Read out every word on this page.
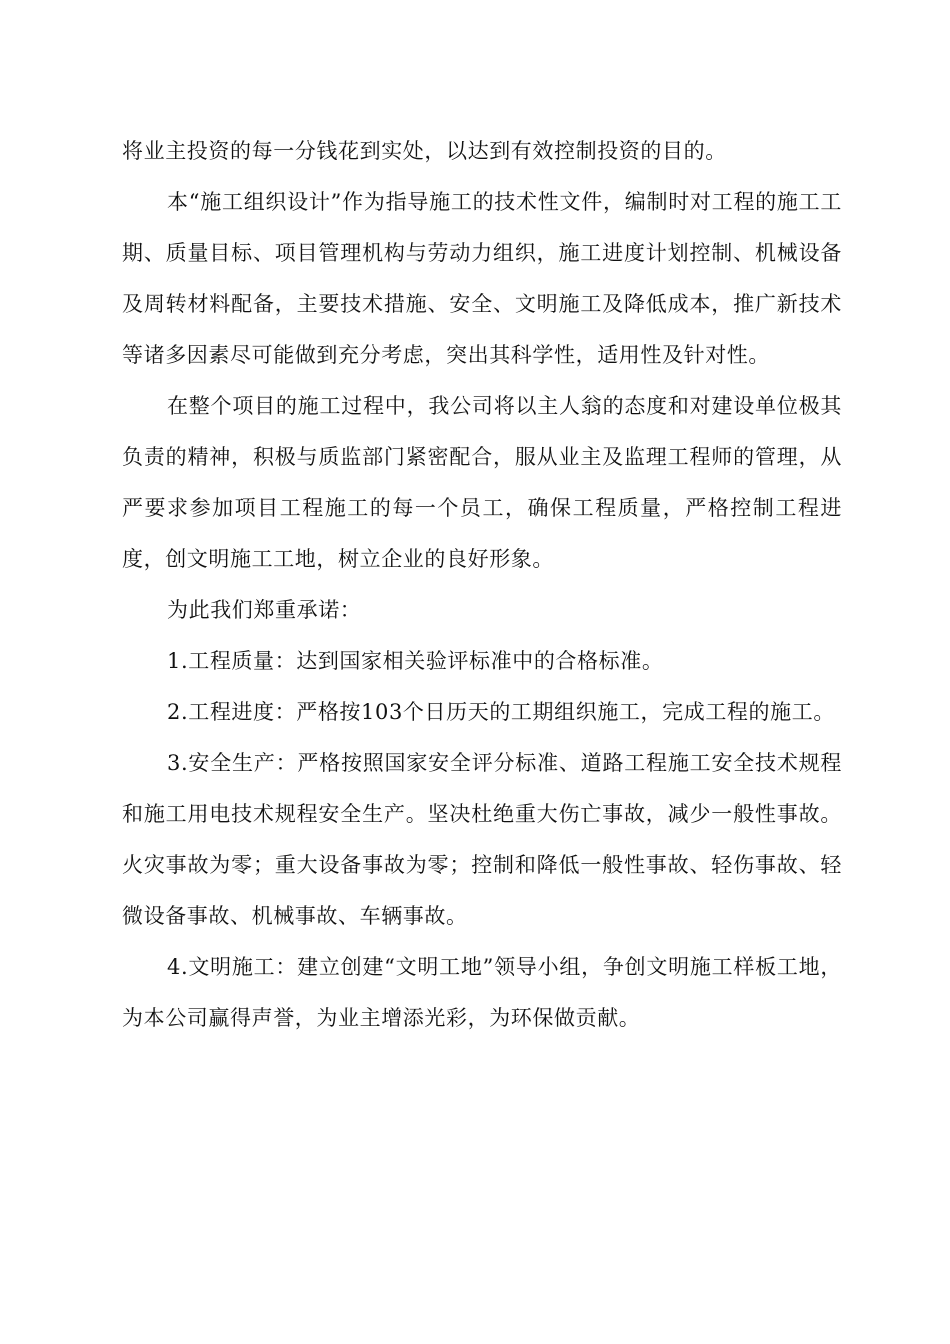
将业主投资的每一分钱花到实处，以达到有效控制投资的目的。

本“施工组织设计”作为指导施工的技术性文件，编制时对工程的施工工期、质量目标、项目管理机构与劳动力组织，施工进度计划控制、机械设备及周转材料配备，主要技术措施、安全、文明施工及降低成本，推广新技术等诸多因素尽可能做到充分考虑，突出其科学性，适用性及针对性。

在整个项目的施工过程中，我公司将以主人翁的态度和对建设单位极其负责的精神，积极与质监部门紧密配合，服从业主及监理工程师的管理，从严要求参加项目工程施工的每一个员工，确保工程质量，严格控制工程进度，创文明施工工地，树立企业的良好形象。

为此我们郑重承诺：

1.工程质量：达到国家相关验评标准中的合格标准。

2.工程进度：严格按103个日历天的工期组织施工，完成工程的施工。

3.安全生产：严格按照国家安全评分标准、道路工程施工安全技术规程和施工用电技术规程安全生产。坚决杜绝重大伤亡事故，减少一般性事故。火灾事故为零；重大设备事故为零；控制和降低一般性事故、轻伤事故、轻微设备事故、机械事故、车辆事故。

4.文明施工：建立创建“文明工地”领导小组，争创文明施工样板工地，为本公司赢得声誉，为业主增添光彩，为环保做贡献。
